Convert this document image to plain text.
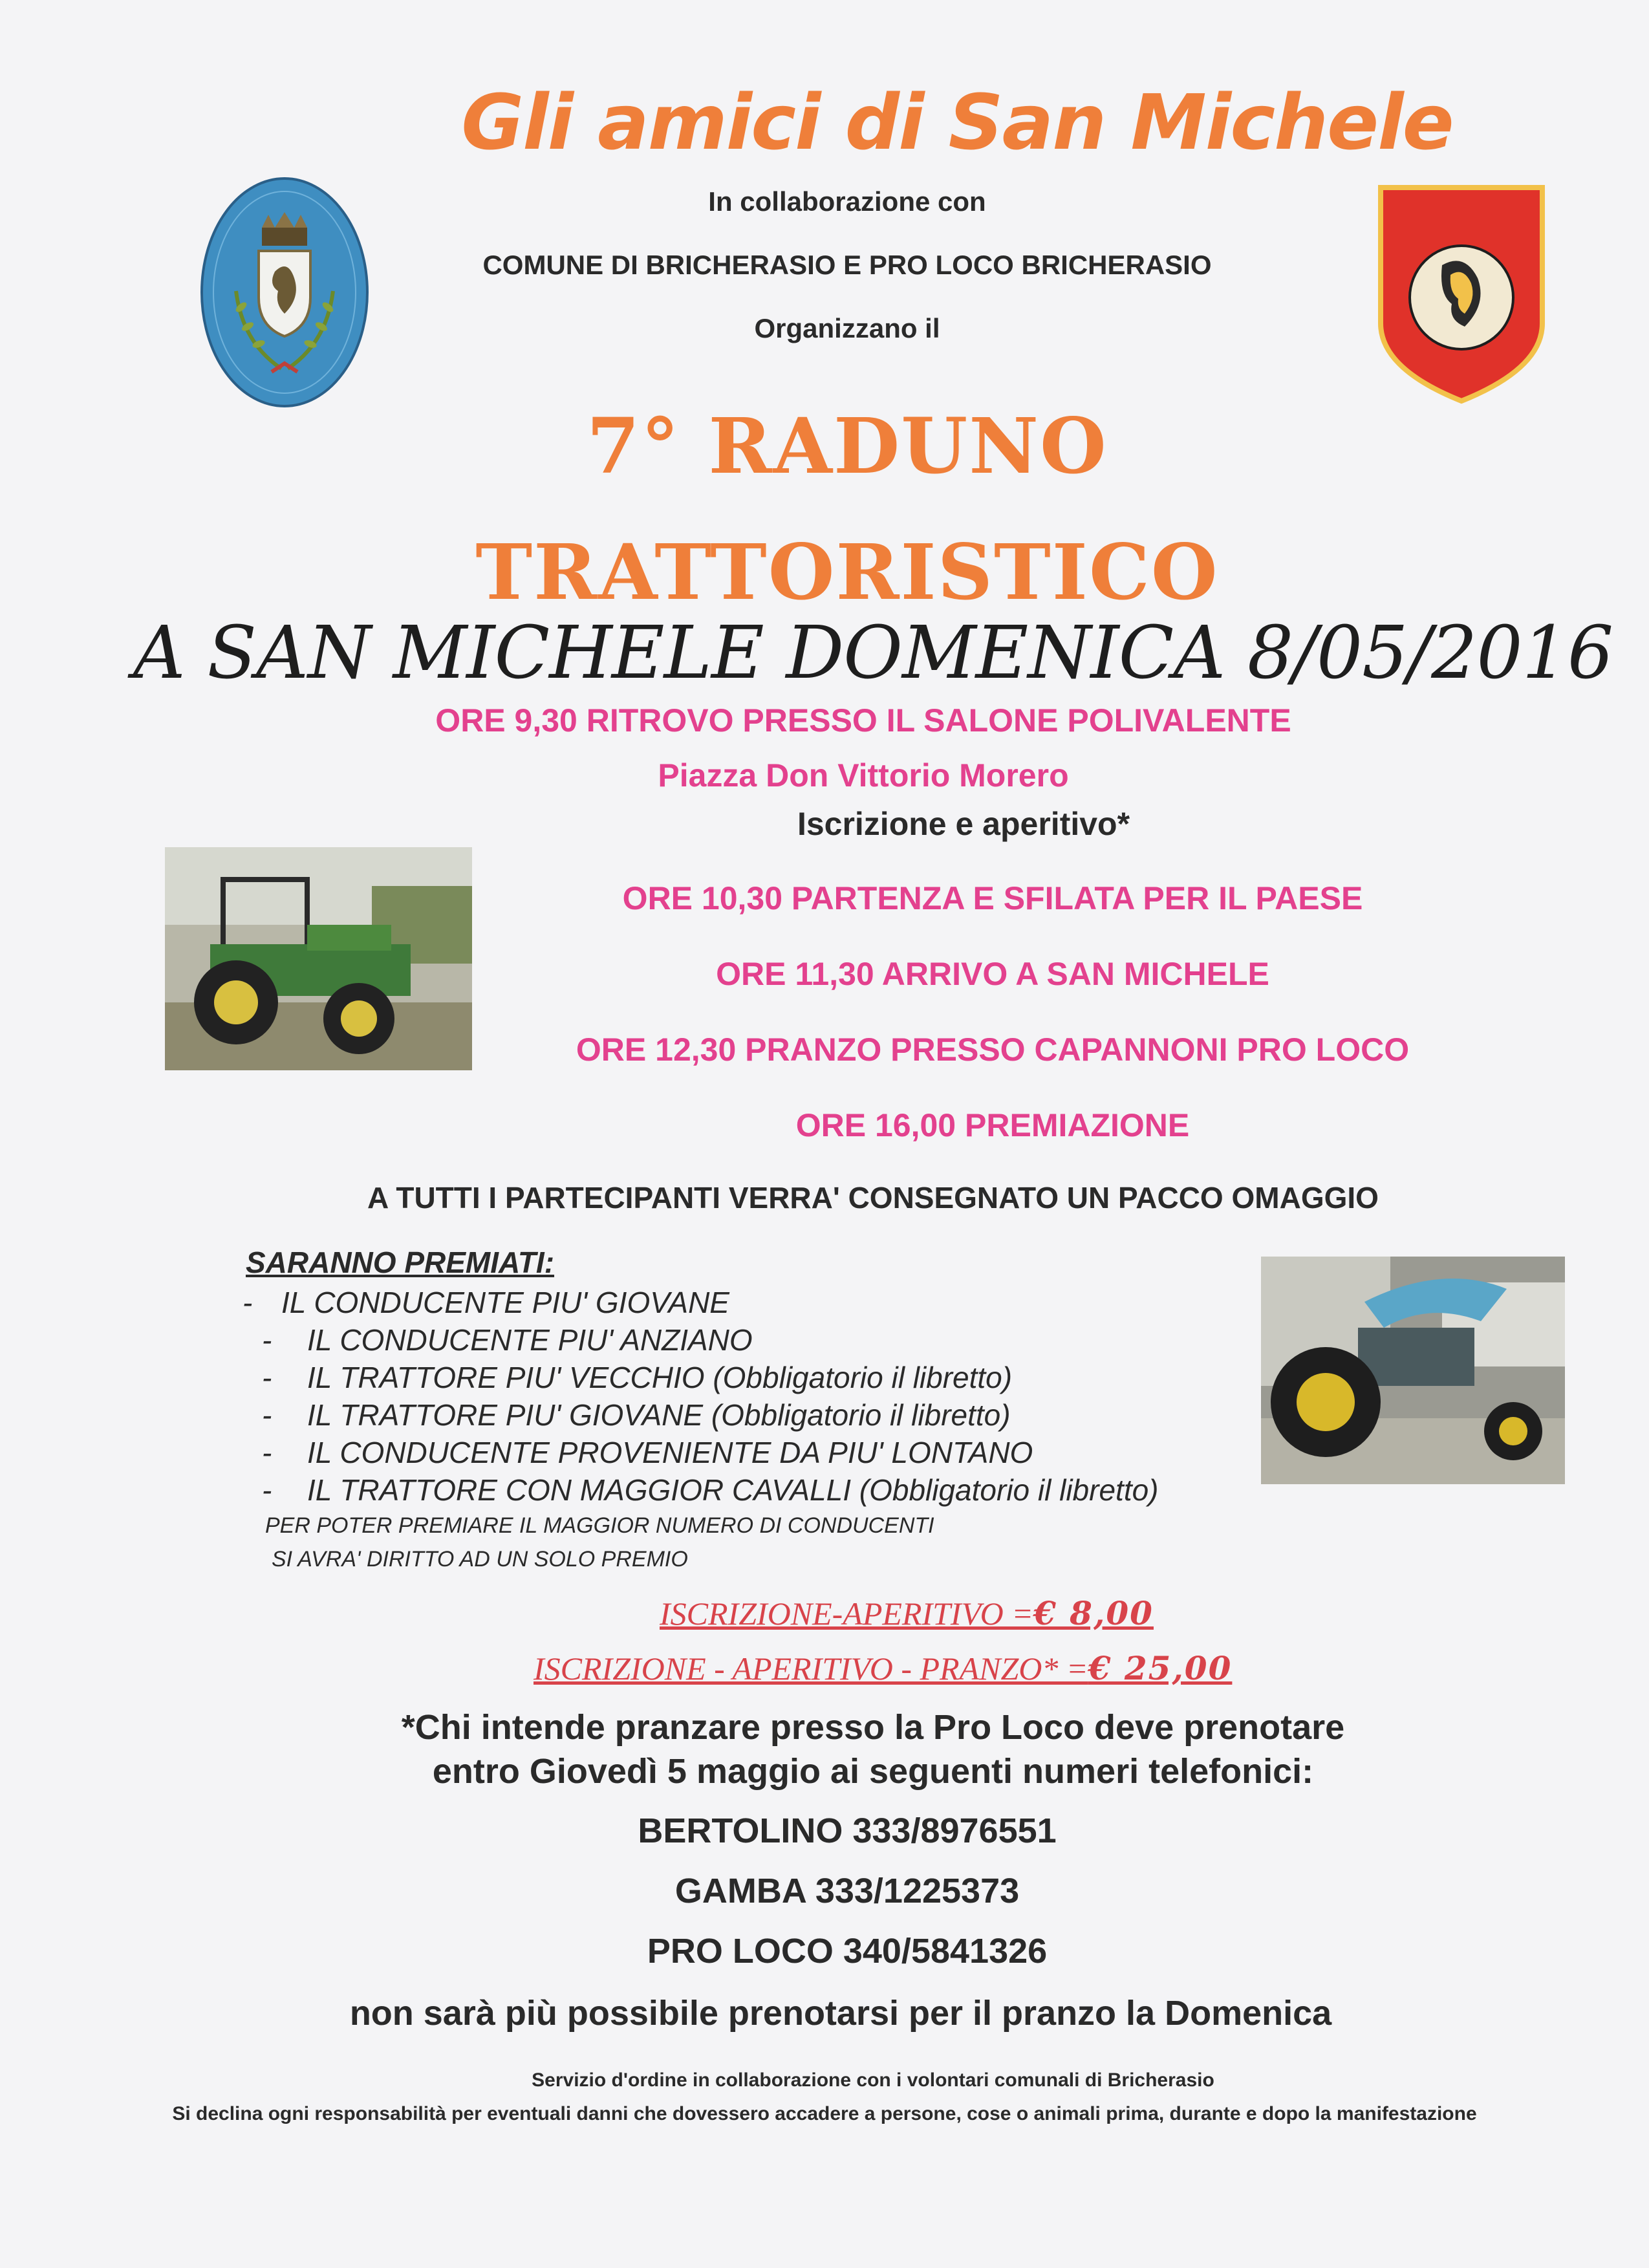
Gli amici di San Michele
In collaborazione con
COMUNE DI BRICHERASIO E PRO LOCO BRICHERASIO
Organizzano il
7° RADUNO
TRATTORISTICO
A SAN MICHELE DOMENICA 8/05/2016
ORE 9,30 RITROVO PRESSO IL SALONE POLIVALENTE
Piazza Don Vittorio Morero
Iscrizione e aperitivo*
ORE 10,30 PARTENZA E SFILATA PER IL PAESE
ORE 11,30 ARRIVO A SAN MICHELE
ORE 12,30 PRANZO PRESSO CAPANNONI PRO LOCO
ORE 16,00 PREMIAZIONE
A TUTTI I PARTECIPANTI VERRA' CONSEGNATO UN PACCO OMAGGIO
SARANNO PREMIATI:
- IL CONDUCENTE PIU' GIOVANE
- IL CONDUCENTE PIU' ANZIANO
- IL TRATTORE PIU' VECCHIO (Obbligatorio il libretto)
- IL TRATTORE PIU' GIOVANE (Obbligatorio il libretto)
- IL CONDUCENTE PROVENIENTE DA PIU' LONTANO
- IL TRATTORE CON MAGGIOR CAVALLI (Obbligatorio il libretto)
PER POTER PREMIARE IL MAGGIOR NUMERO DI CONDUCENTI
SI AVRA' DIRITTO AD UN SOLO PREMIO
ISCRIZIONE-APERITIVO =€ 8,00
ISCRIZIONE - APERITIVO - PRANZO* =€ 25,00
*Chi intende pranzare presso la Pro Loco deve prenotare
entro Giovedì 5 maggio ai seguenti numeri telefonici:
BERTOLINO 333/8976551
GAMBA 333/1225373
PRO LOCO 340/5841326
non sarà più possibile prenotarsi per il pranzo la Domenica
Servizio d'ordine in collaborazione con i volontari comunali di Bricherasio
Si declina ogni responsabilità per eventuali danni che dovessero accadere a persone, cose o animali prima, durante e dopo la manifestazione
